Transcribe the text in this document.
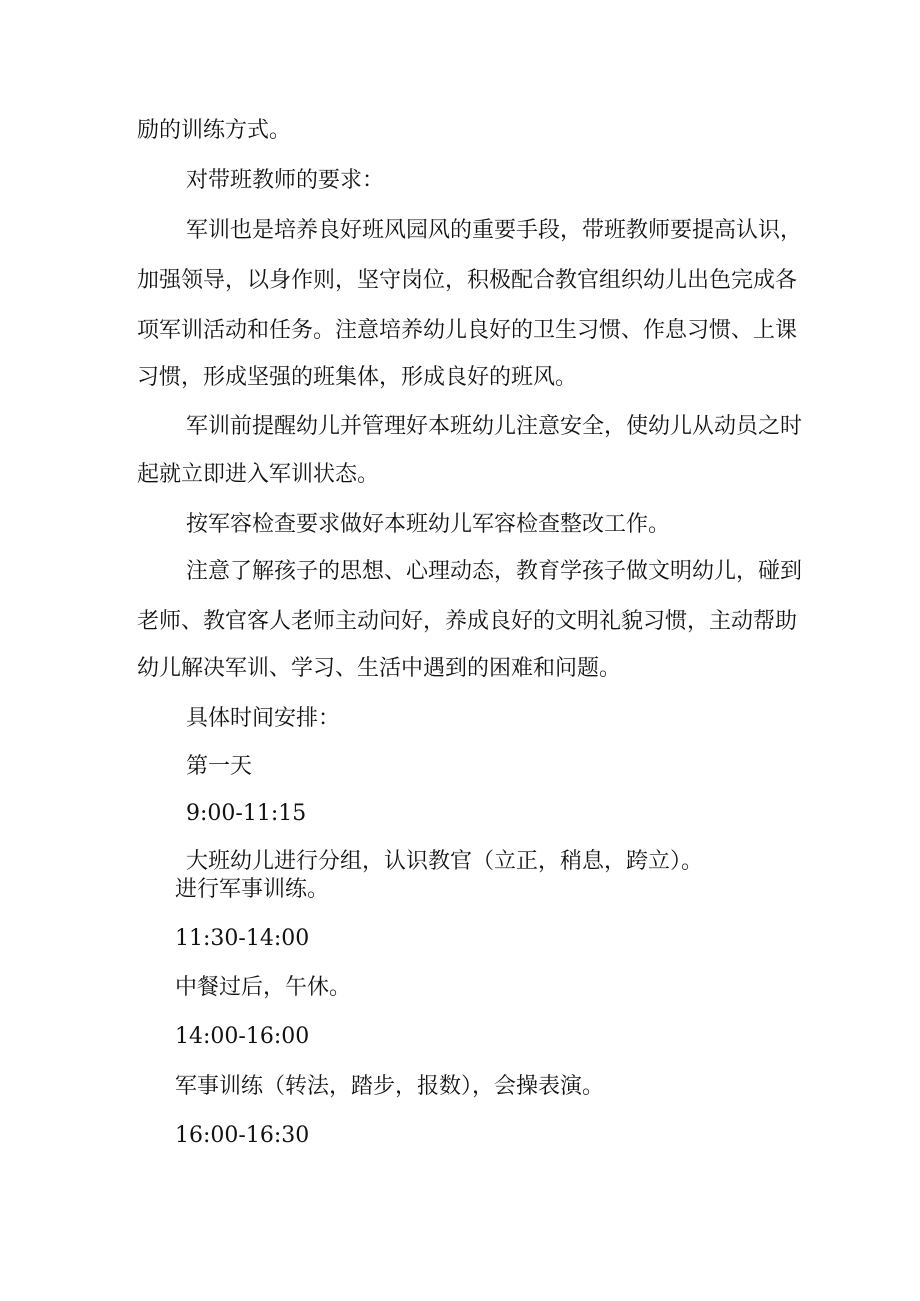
励的训练方式。

对带班教师的要求：

军训也是培养良好班风园风的重要手段，带班教师要提高认识，

加强领导，以身作则，坚守岗位，积极配合教官组织幼儿出色完成各

项军训活动和任务。注意培养幼儿良好的卫生习惯、作息习惯、上课

习惯，形成坚强的班集体，形成良好的班风。

军训前提醒幼儿并管理好本班幼儿注意安全，使幼儿从动员之时

起就立即进入军训状态。

按军容检查要求做好本班幼儿军容检查整改工作。

注意了解孩子的思想、心理动态，教育学孩子做文明幼儿，碰到

老师、教官客人老师主动问好，养成良好的文明礼貌习惯，主动帮助

幼儿解决军训、学习、生活中遇到的困难和问题。

具体时间安排：

第一天

9:00-11:15

大班幼儿进行分组，认识教官（立正，稍息，跨立）。

进行军事训练。

11:30-14:00

中餐过后，午休。

14:00-16:00

军事训练（转法，踏步，报数），会操表演。

16:00-16:30
